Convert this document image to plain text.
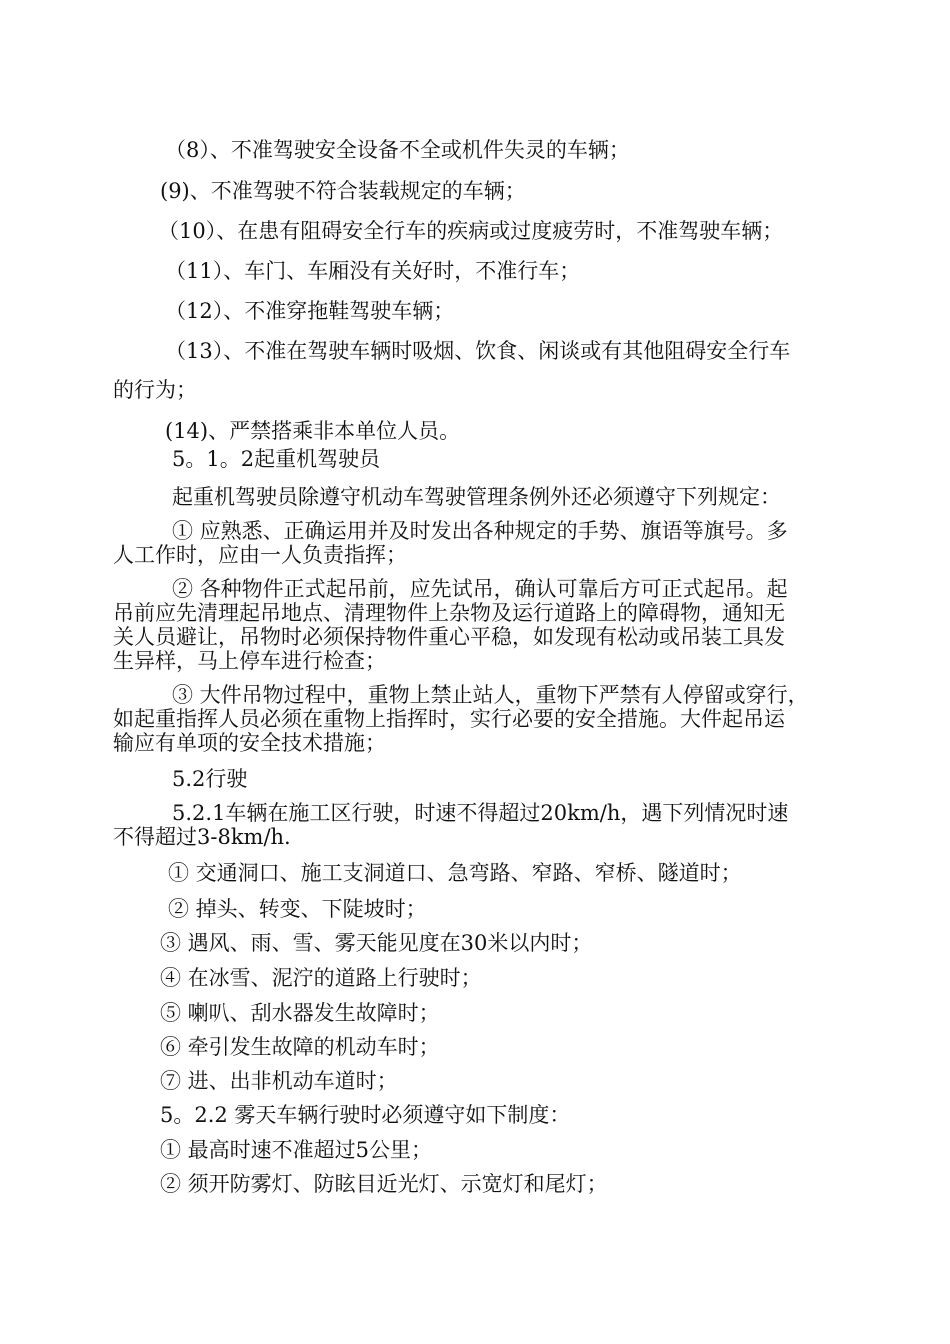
（8）、不准驾驶安全设备不全或机件失灵的车辆；
(9)、不准驾驶不符合装载规定的车辆；
（10）、在患有阻碍安全行车的疾病或过度疲劳时，不准驾驶车辆；
（11）、车门、车厢没有关好时，不准行车；
（12）、不准穿拖鞋驾驶车辆；
（13）、不准在驾驶车辆时吸烟、饮食、闲谈或有其他阻碍安全行车
的行为；
(14)、严禁搭乘非本单位人员。
5。1。2起重机驾驶员
起重机驾驶员除遵守机动车驾驶管理条例外还必须遵守下列规定：
① 应熟悉、正确运用并及时发出各种规定的手势、旗语等旗号。多
人工作时，应由一人负责指挥；
② 各种物件正式起吊前，应先试吊，确认可靠后方可正式起吊。起
吊前应先清理起吊地点、清理物件上杂物及运行道路上的障碍物，通知无
关人员避让，吊物时必须保持物件重心平稳，如发现有松动或吊装工具发
生异样，马上停车进行检查；
③ 大件吊物过程中，重物上禁止站人，重物下严禁有人停留或穿行，
如起重指挥人员必须在重物上指挥时，实行必要的安全措施。大件起吊运
输应有单项的安全技术措施；
5.2行驶
5.2.1车辆在施工区行驶，时速不得超过20km/h，遇下列情况时速
不得超过3-8km/h.
① 交通洞口、施工支洞道口、急弯路、窄路、窄桥、隧道时；
② 掉头、转变、下陡坡时；
③ 遇风、雨、雪、雾天能见度在30米以内时；
④ 在冰雪、泥泞的道路上行驶时；
⑤ 喇叭、刮水器发生故障时；
⑥ 牵引发生故障的机动车时；
⑦ 进、出非机动车道时；
5。2.2 雾天车辆行驶时必须遵守如下制度：
① 最高时速不准超过5公里；
② 须开防雾灯、防眩目近光灯、示宽灯和尾灯；
